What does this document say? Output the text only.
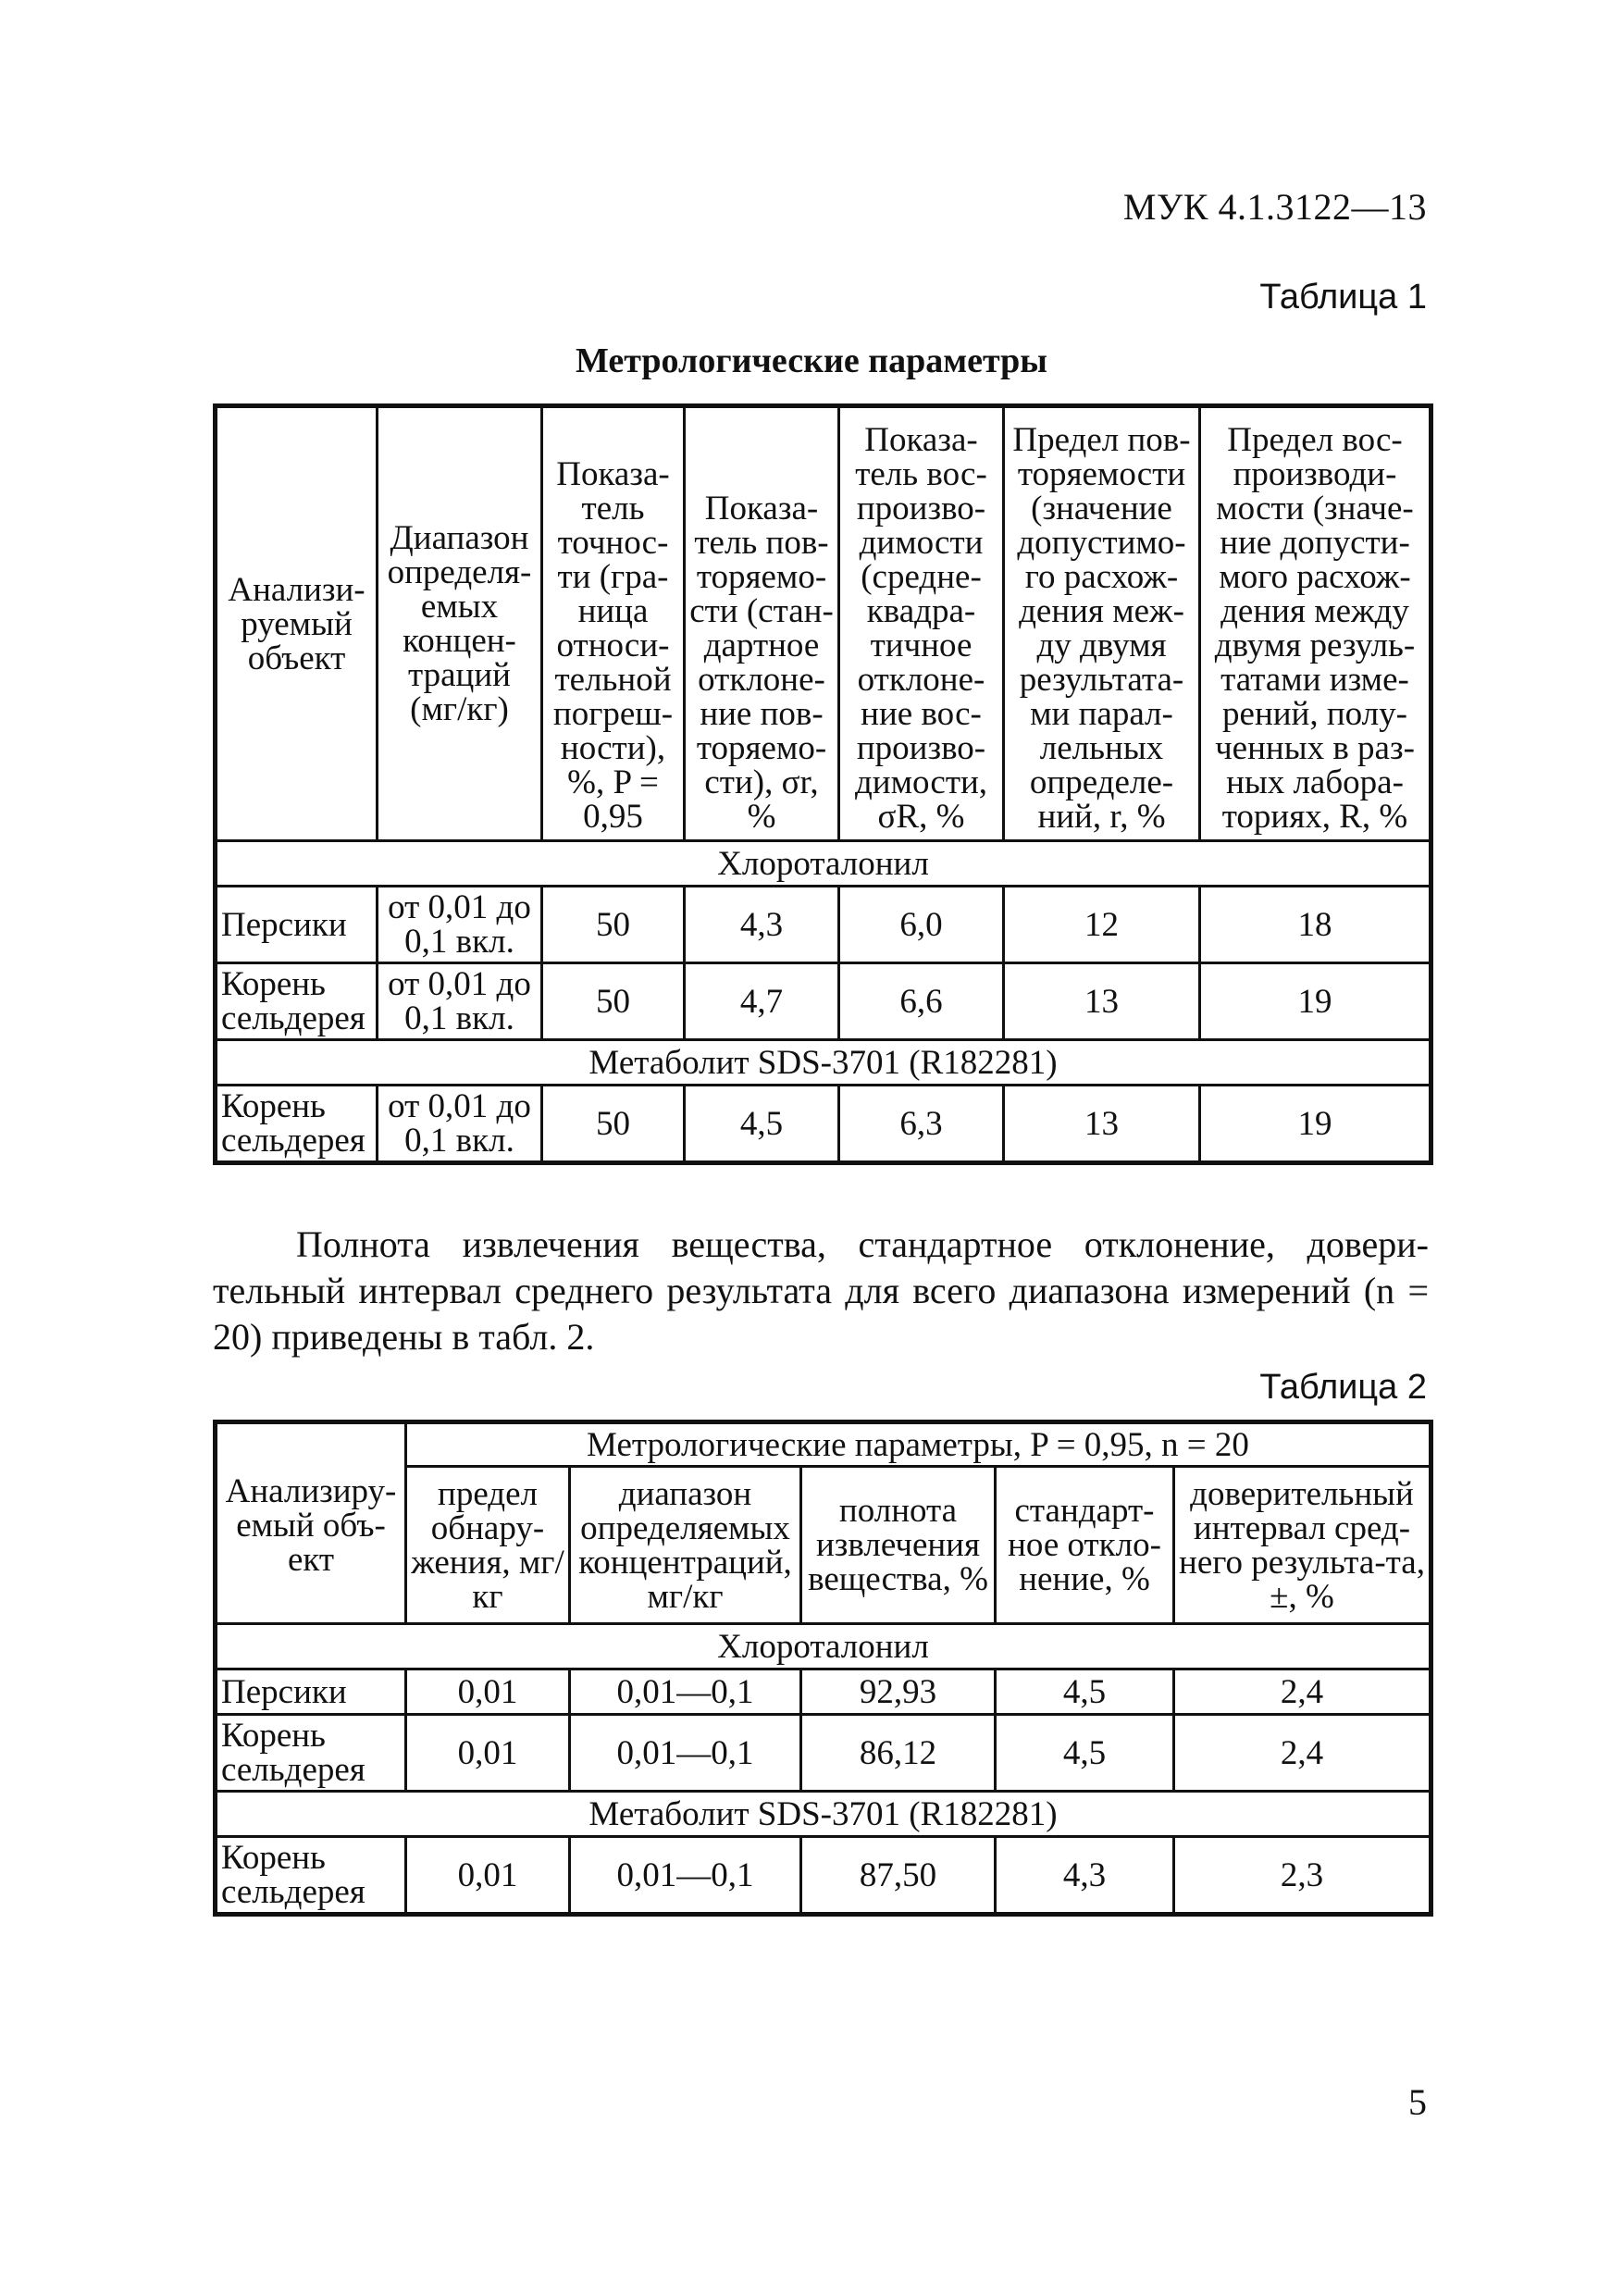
МУК 4.1.3122—13
Таблица 1
Метрологические параметры
Анализи-руемый объект	Диапазон определя-емых концен-траций (мг/кг)	Показа-тель точнос-ти (гра-ница относи-тельной погреш-ности), %, P = 0,95	Показа-тель пов-торяемо-сти (стан-дартное отклоне-ние пов-торяемо-сти), σr, %	Показа-тель вос-произво-димости (средне-квадра-тичное отклоне-ние вос-произво-димости, σR, %	Предел пов-торяемости (значение допустимо-го расхож-дения меж-ду двумя результата-ми парал-лельных определе-ний, r, %	Предел вос-производи-мости (значе-ние допусти-мого расхож-дения между двумя резуль-татами изме-рений, полу-ченных в раз-ных лабора-ториях, R, %
Хлороталонил						
Персики	от 0,01 до 0,1 вкл.	50	4,3	6,0	12	18
Корень сельдерея	от 0,01 до 0,1 вкл.	50	4,7	6,6	13	19
Метаболит SDS-3701 (R182281)						
Корень сельдерея	от 0,01 до 0,1 вкл.	50	4,5	6,3	13	19
Полнота извлечения вещества, стандартное отклонение, довери-тельный интервал среднего результата для всего диапазона измерений (n = 20) приведены в табл. 2.
Таблица 2
Анализиру-емый объ-ект	Метрологические параметры, P = 0,95, n = 20				
	предел обнару-жения, мг/кг	диапазон определяемых концентраций, мг/кг	полнота извлечения вещества, %	стандарт-ное откло-нение, %	доверительный интервал сред-него результа-та, ±, %
Хлороталонил					
Персики	0,01	0,01—0,1	92,93	4,5	2,4
Корень сельдерея	0,01	0,01—0,1	86,12	4,5	2,4
Метаболит SDS-3701 (R182281)					
Корень сельдерея	0,01	0,01—0,1	87,50	4,3	2,3
5
